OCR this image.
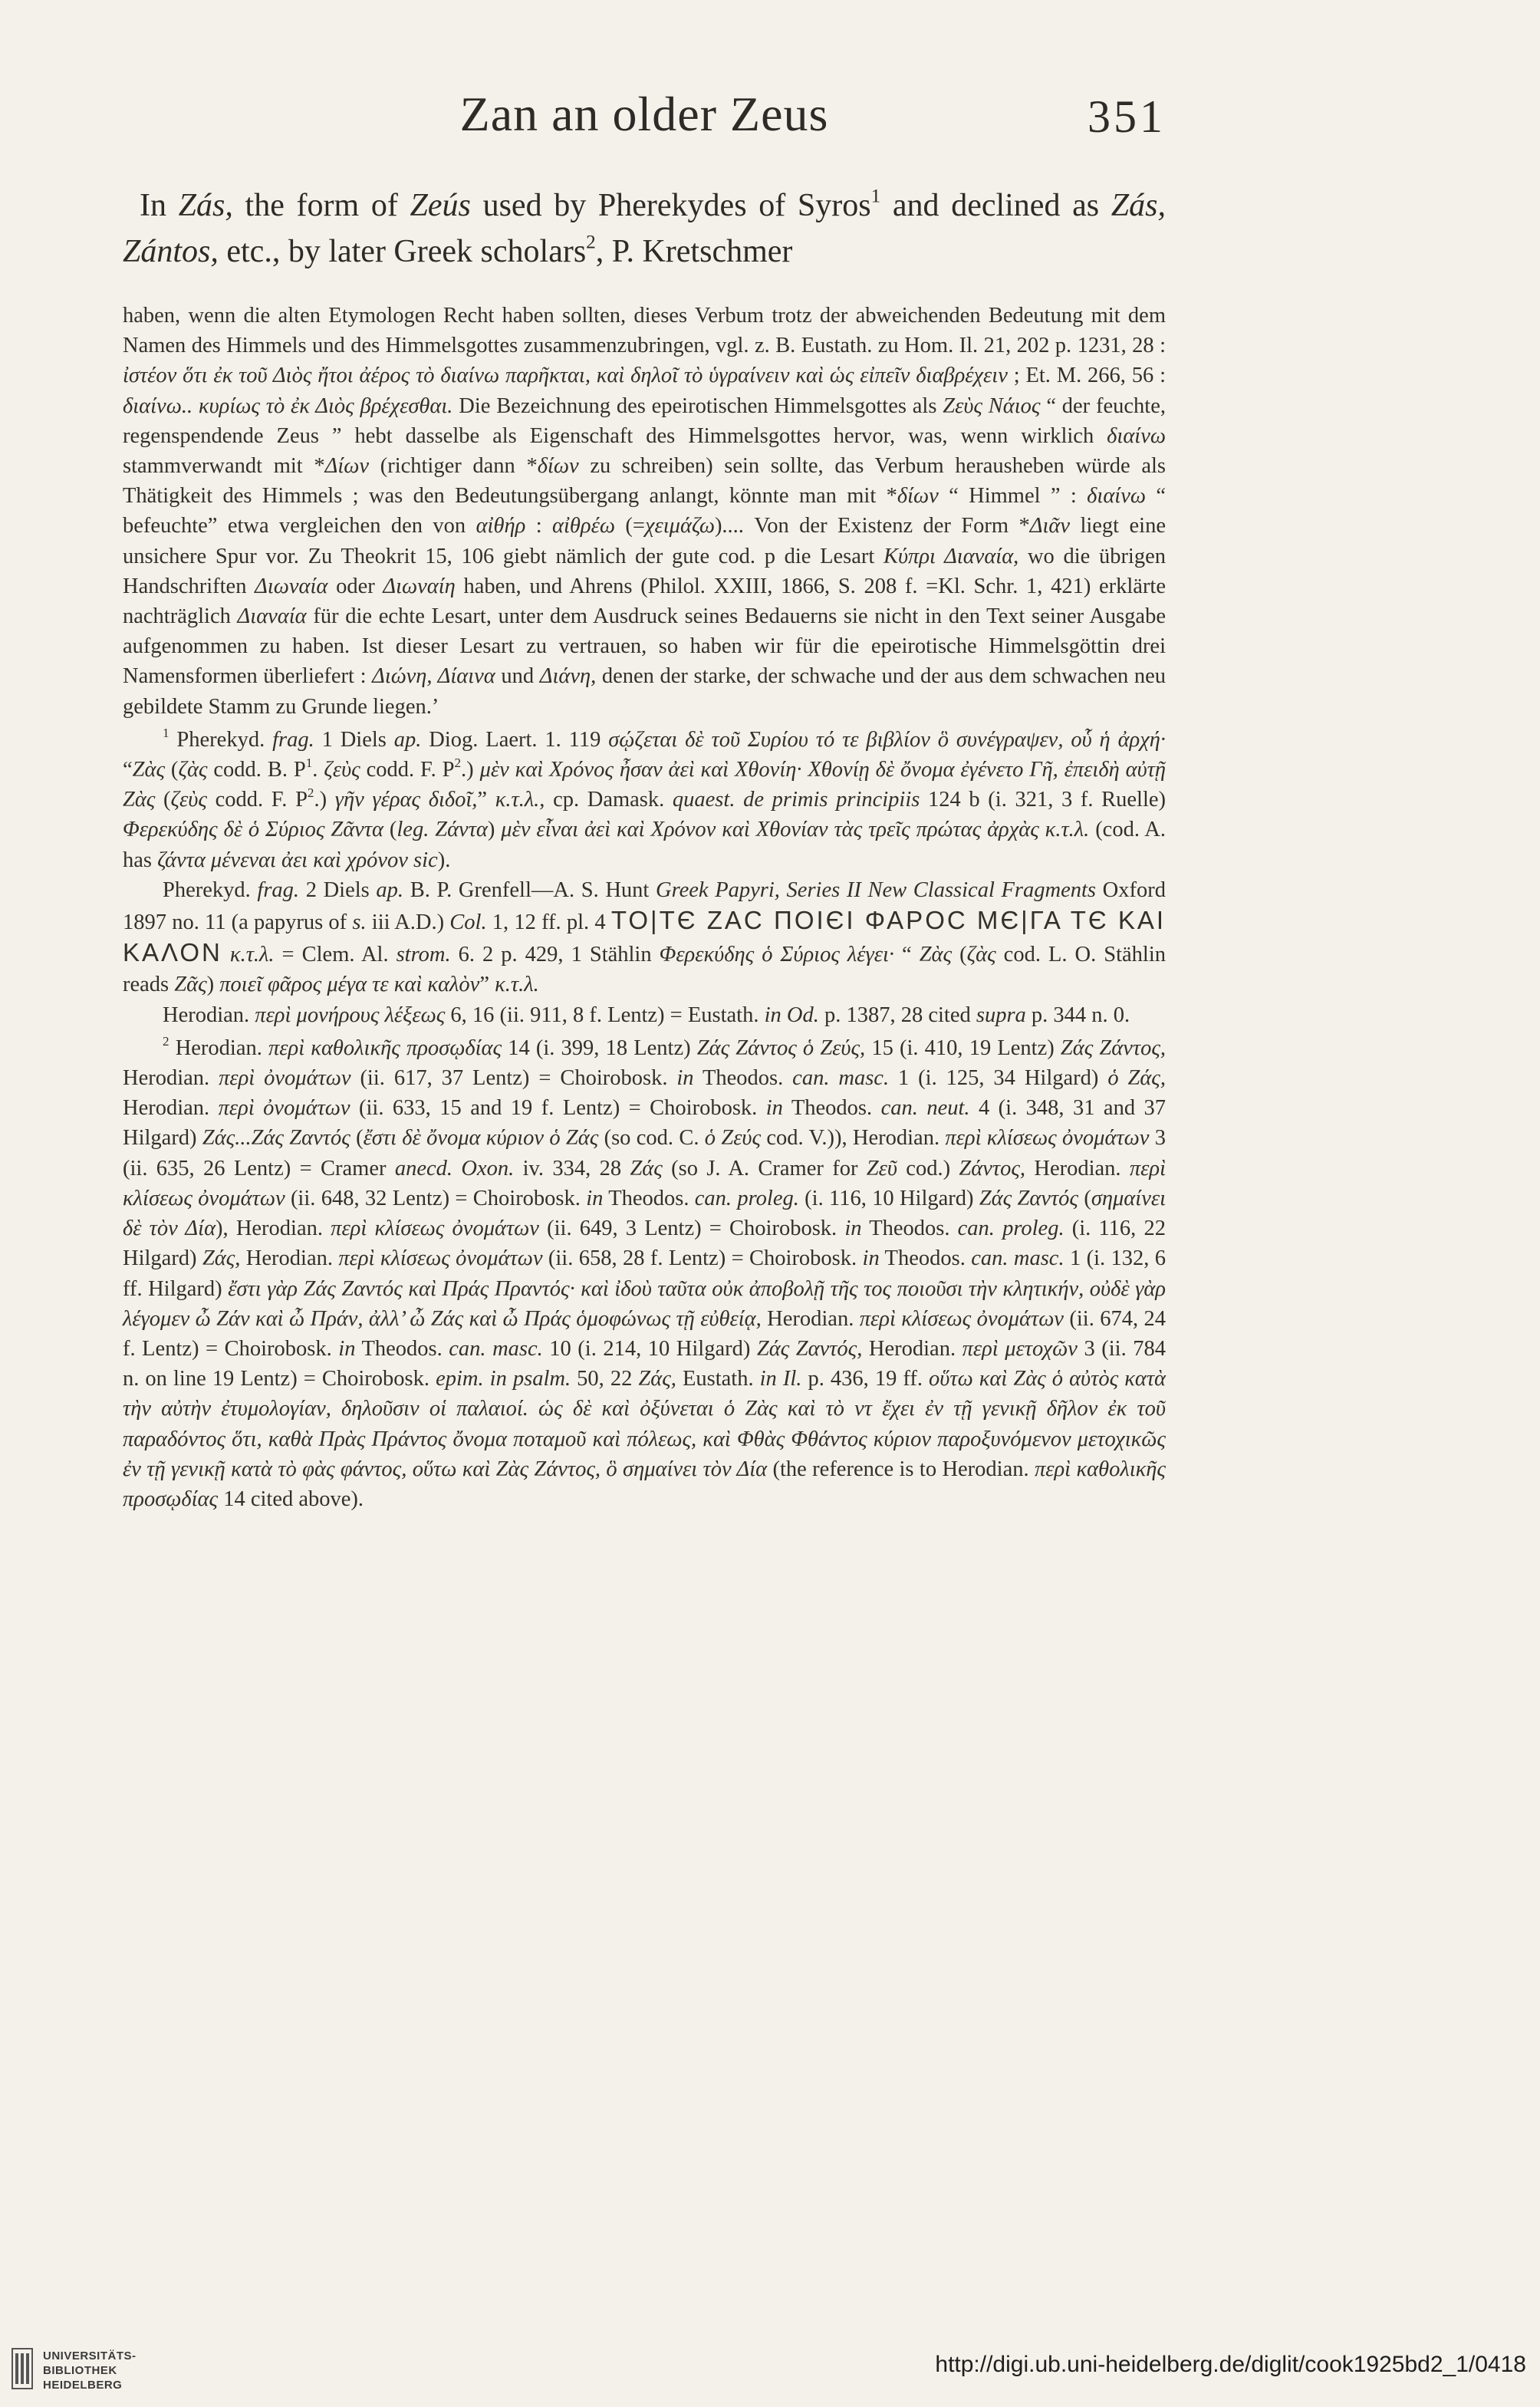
Zan an older Zeus	351

In Zás, the form of Zeús used by Pherekydes of Syros$^1$ and declined as Zás, Zántos, etc., by later Greek scholars$^2$, P. Kretschmer

haben, wenn die alten Etymologen Recht haben sollten, dieses Verbum trotz der abweichenden Bedeutung mit dem Namen des Himmels und des Himmelsgottes zusammenzubringen, vgl. z. B. Eustath. zu Hom. Il. 21, 202 p. 1231, 28 : ἰστέον ὅτι ἐκ τοῦ Διὸς ἤτοι ἀέρος τὸ διαίνω παρῆκται, καὶ δηλοῖ τὸ ὑγραίνειν καὶ ὡς εἰπεῖν διαβρέχειν ; Et. M. 266, 56 : διαίνω.. κυρίως τὸ ἐκ Διὸς βρέχεσθαι. Die Bezeichnung des epeirotischen Himmelsgottes als Ζεὺς Νάιος “ der feuchte, regenspendende Zeus ” hebt dasselbe als Eigenschaft des Himmelsgottes hervor, was, wenn wirklich διαίνω stammverwandt mit *Δίων (richtiger dann *δίων zu schreiben) sein sollte, das Verbum herausheben würde als Thätigkeit des Himmels ; was den Bedeutungsübergang anlangt, könnte man mit *δίων “ Himmel ” : διαίνω “ befeuchte” etwa vergleichen den von αἰθήρ : αἰθρέω (=χειμάζω).... Von der Existenz der Form *Διᾶν liegt eine unsichere Spur vor. Zu Theokrit 15, 106 giebt nämlich der gute cod. p die Lesart Κύπρι Διαναία, wo die übrigen Handschriften Διωναία oder Διωναίη haben, und Ahrens (Philol. XXIII, 1866, S. 208 f. =Kl. Schr. 1, 421) erklärte nachträglich Διαναία für die echte Lesart, unter dem Ausdruck seines Bedauerns sie nicht in den Text seiner Ausgabe aufgenommen zu haben. Ist dieser Lesart zu vertrauen, so haben wir für die epeirotische Himmelsgöttin drei Namensformen überliefert : Διώνη, Δίαινα und Διάνη, denen der starke, der schwache und der aus dem schwachen neu gebildete Stamm zu Grunde liegen.’

$^1$ Pherekyd. frag. 1 Diels ap. Diog. Laert. 1. 119 σῴζεται δὲ τοῦ Συρίου τό τε βιβλίον ὃ συνέγραψεν, οὗ ἡ ἀρχή· “Ζὰς (ζὰς codd. B. $P^1$. ζεὺς codd. F. $P^2$.) μὲν καὶ Χρόνος ἦσαν ἀεὶ καὶ Χθονίη· Χθονίῃ δὲ ὄνομα ἐγένετο Γῆ, ἐπειδὴ αὐτῇ Ζὰς (ζεὺς codd. F. $P^2$.) γῆν γέρας διδοῖ,” κ.τ.λ., cp. Damask. quaest. de primis principiis 124 b (i. 321, 3 f. Ruelle) Φερεκύδης δὲ ὁ Σύριος Ζᾶντα (leg. Ζάντα) μὲν εἶναι ἀεὶ καὶ Χρόνον καὶ Χθονίαν τὰς τρεῖς πρώτας ἀρχὰς κ.τ.λ. (cod. A. has ζάντα μένεναι ἀει καὶ χρόνον sic).

Pherekyd. frag. 2 Diels ap. B. P. Grenfell—A. S. Hunt Greek Papyri, Series II New Classical Fragments Oxford 1897 no. 11 (a papyrus of s. iii A.D.) Col. 1, 12 ff. pl. 4 ΤΟ|ΤЄ ΖΑϹ ΠΟΙЄΙ ΦΑΡΟϹ ΜЄ|ΓΑ ΤЄ ΚΑΙ ΚΑΛΟΝ κ.τ.λ. = Clem. Al. strom. 6. 2 p. 429, 1 Stählin Φερεκύδης ὁ Σύριος λέγει· “ Ζὰς (ζὰς cod. L. O. Stählin reads Ζᾶς) ποιεῖ φᾶρος μέγα τε καὶ καλὸν” κ.τ.λ.

Herodian. περὶ μονήρους λέξεως 6, 16 (ii. 911, 8 f. Lentz) = Eustath. in Od. p. 1387, 28 cited supra p. 344 n. 0.

$^2$ Herodian. περὶ καθολικῆς προσῳδίας 14 (i. 399, 18 Lentz) Ζάς Ζάντος ὁ Ζεύς, 15 (i. 410, 19 Lentz) Ζάς Ζάντος, Herodian. περὶ ὀνομάτων (ii. 617, 37 Lentz) = Choirobosk. in Theodos. can. masc. 1 (i. 125, 34 Hilgard) ὁ Ζάς, Herodian. περὶ ὀνομάτων (ii. 633, 15 and 19 f. Lentz) = Choirobosk. in Theodos. can. neut. 4 (i. 348, 31 and 37 Hilgard) Ζάς...Ζάς Ζαντός (ἔστι δὲ ὄνομα κύριον ὁ Ζάς (so cod. C. ὁ Ζεύς cod. V.)), Herodian. περὶ κλίσεως ὀνομάτων 3 (ii. 635, 26 Lentz) = Cramer anecd. Oxon. iv. 334, 28 Ζάς (so J. A. Cramer for Ζεῦ cod.) Ζάντος, Herodian. περὶ κλίσεως ὀνομάτων (ii. 648, 32 Lentz) = Choirobosk. in Theodos. can. proleg. (i. 116, 10 Hilgard) Ζάς Ζαντός (σημαίνει δὲ τὸν Δία), Herodian. περὶ κλίσεως ὀνομάτων (ii. 649, 3 Lentz) = Choirobosk. in Theodos. can. proleg. (i. 116, 22 Hilgard) Ζάς, Herodian. περὶ κλίσεως ὀνομάτων (ii. 658, 28 f. Lentz) = Choirobosk. in Theodos. can. masc. 1 (i. 132, 6 ff. Hilgard) ἔστι γὰρ Ζάς Ζαντός καὶ Πράς Πραντός· καὶ ἰδοὺ ταῦτα οὐκ ἀποβολῇ τῆς τος ποιοῦσι τὴν κλητικήν, οὐδὲ γὰρ λέγομεν ὦ Ζάν καὶ ὦ Πράν, ἀλλ’ ὦ Ζάς καὶ ὦ Πράς ὁμοφώνως τῇ εὐθείᾳ, Herodian. περὶ κλίσεως ὀνομάτων (ii. 674, 24 f. Lentz) = Choirobosk. in Theodos. can. masc. 10 (i. 214, 10 Hilgard) Ζάς Ζαντός, Herodian. περὶ μετοχῶν 3 (ii. 784 n. on line 19 Lentz) = Choirobosk. epim. in psalm. 50, 22 Ζάς, Eustath. in Il. p. 436, 19 ff. οὕτω καὶ Ζὰς ὁ αὐτὸς κατὰ τὴν αὐτὴν ἐτυμολογίαν, δηλοῦσιν οἱ παλαιοί. ὡς δὲ καὶ ὀξύνεται ὁ Ζὰς καὶ τὸ ντ ἔχει ἐν τῇ γενικῇ δῆλον ἐκ τοῦ παραδόντος ὅτι, καθὰ Πρὰς Πράντος ὄνομα ποταμοῦ καὶ πόλεως, καὶ Φθὰς Φθάντος κύριον παροξυνόμενον μετοχικῶς ἐν τῇ γενικῇ κατὰ τὸ φὰς φάντος, οὕτω καὶ Ζὰς Ζάντος, ὃ σημαίνει τὸν Δία (the reference is to Herodian. περὶ καθολικῆς προσῳδίας 14 cited above).

UNIVERSITÄTS-
BIBLIOTHEK
HEIDELBERG
http://digi.ub.uni-heidelberg.de/diglit/cook1925bd2_1/0418
